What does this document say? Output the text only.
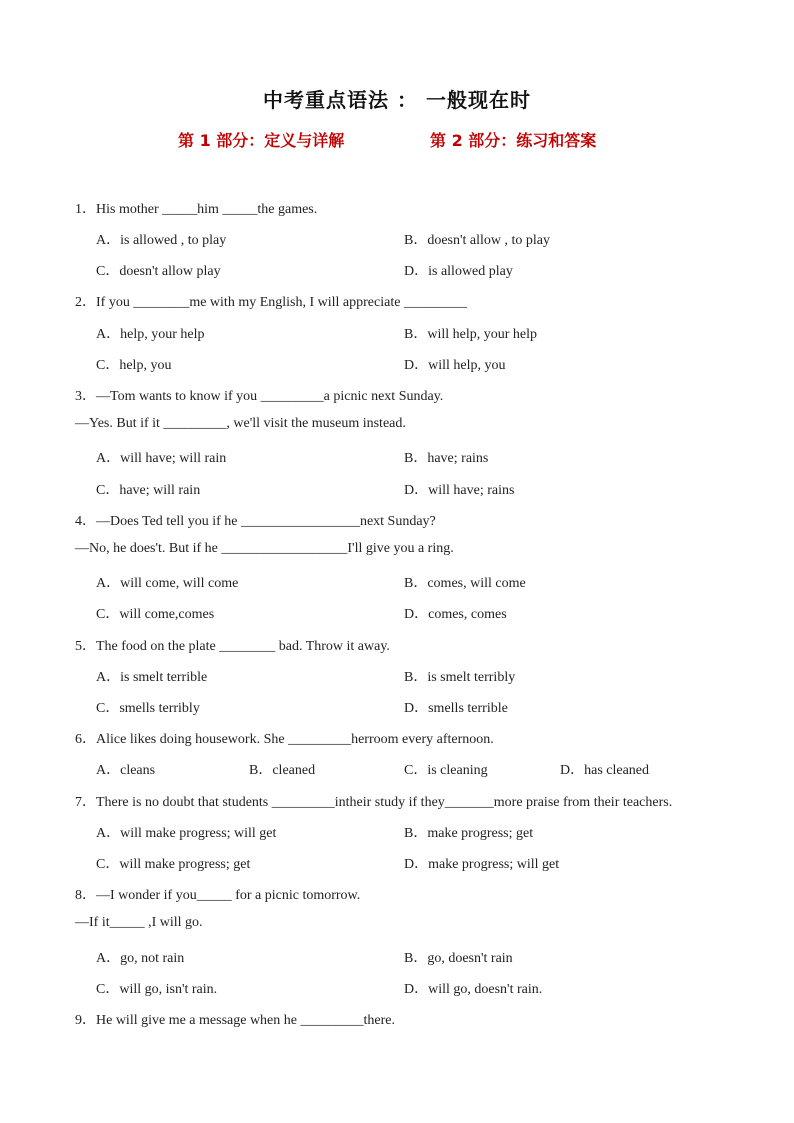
中考重点语法 ： 一般现在时
第 1 部分：定义与详解	第 2 部分：练习和答案
1．His mother _____him _____the games.
A．is allowed , to play	B．doesn't allow , to play
C．doesn't allow play	D．is allowed play
2．If you ________me with my English, I will appreciate _________
A．help, your help	B．will help, your help
C．help, you	D．will help, you
3．—Tom wants to know if you _________a picnic next Sunday.
—Yes. But if it _________, we'll visit the museum instead.
A．will have; will rain	B．have; rains
C．have; will rain	D．will have; rains
4．—Does Ted tell you if he _________________next Sunday?
—No, he does't. But if he __________________I'll give you a ring.
A．will come, will come	B．comes, will come
C．will come,comes	D．comes, comes
5．The food on the plate ________ bad. Throw it away.
A．is smelt terrible	B．is smelt terribly
C．smells terribly	D．smells terrible
6．Alice likes doing housework. She _________herroom every afternoon.
A．cleans	B．cleaned	C．is cleaning	D．has cleaned
7．There is no doubt that students _________intheir study if they_______more praise from their teachers.
A．will make progress; will get	B．make progress; get
C．will make progress; get	D．make progress; will get
8．—I wonder if you_____ for a picnic tomorrow.
—If it_____ ,I will go.
A．go, not rain	B．go, doesn't rain
C．will go, isn't rain.	D．will go, doesn't rain.
9．He will give me a message when he _________there.
